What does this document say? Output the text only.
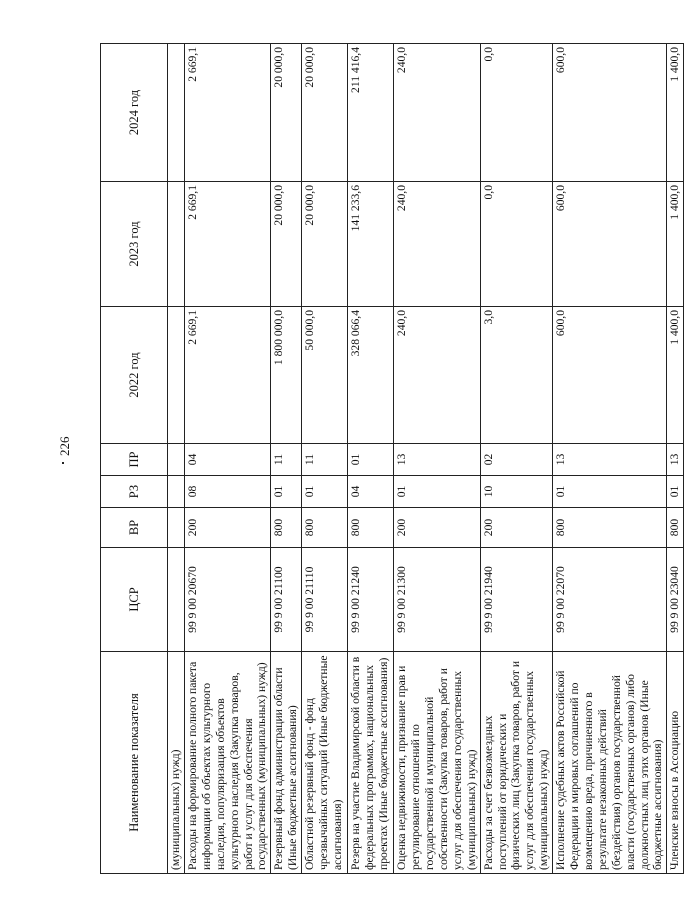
226
Наименование показателя	ЦСР	ВР	РЗ	ПР	2022 год	2023 год	2024 год
(муниципальных) нужд)							
Расходы на формирование полного пакета информации об объектах культурного наследия, популяризация объектов культурного наследия (Закупка товаров, работ и услуг для обеспечения государственных (муниципальных) нужд)	99 9 00 20670	200	08	04	2 669,1	2 669,1	2 669,1
Резервный фонд администрации области (Иные бюджетные ассигнования)	99 9 00 21100	800	01	11	1 800 000,0	20 000,0	20 000,0
Областной резервный фонд - фонд чрезвычайных ситуаций (Иные бюджетные ассигнования)	99 9 00 21110	800	01	11	50 000,0	20 000,0	20 000,0
Резерв на участие Владимирской области в федеральных программах, национальных проектах (Иные бюджетные ассигнования)	99 9 00 21240	800	04	01	328 066,4	141 233,6	211 416,4
Оценка недвижимости, признание прав и регулирование отношений по государственной и муниципальной собственности (Закупка товаров, работ и услуг для обеспечения государственных (муниципальных) нужд)	99 9 00 21300	200	01	13	240,0	240,0	240,0
Расходы за счет безвозмездных поступлений от юридических и физических лиц (Закупка товаров, работ и услуг для обеспечения государственных (муниципальных) нужд)	99 9 00 21940	200	10	02	3,0	0,0	0,0
Исполнение судебных актов Российской Федерации и мировых соглашений по возмещению вреда, причиненного в результате незаконных действий (бездействия) органов государственной власти (государственных органов) либо должностных лиц этих органов (Иные бюджетные ассигнования)	99 9 00 22070	800	01	13	600,0	600,0	600,0
Членские взносы в Ассоциацию	99 9 00 23040	800	01	13	1 400,0	1 400,0	1 400,0
